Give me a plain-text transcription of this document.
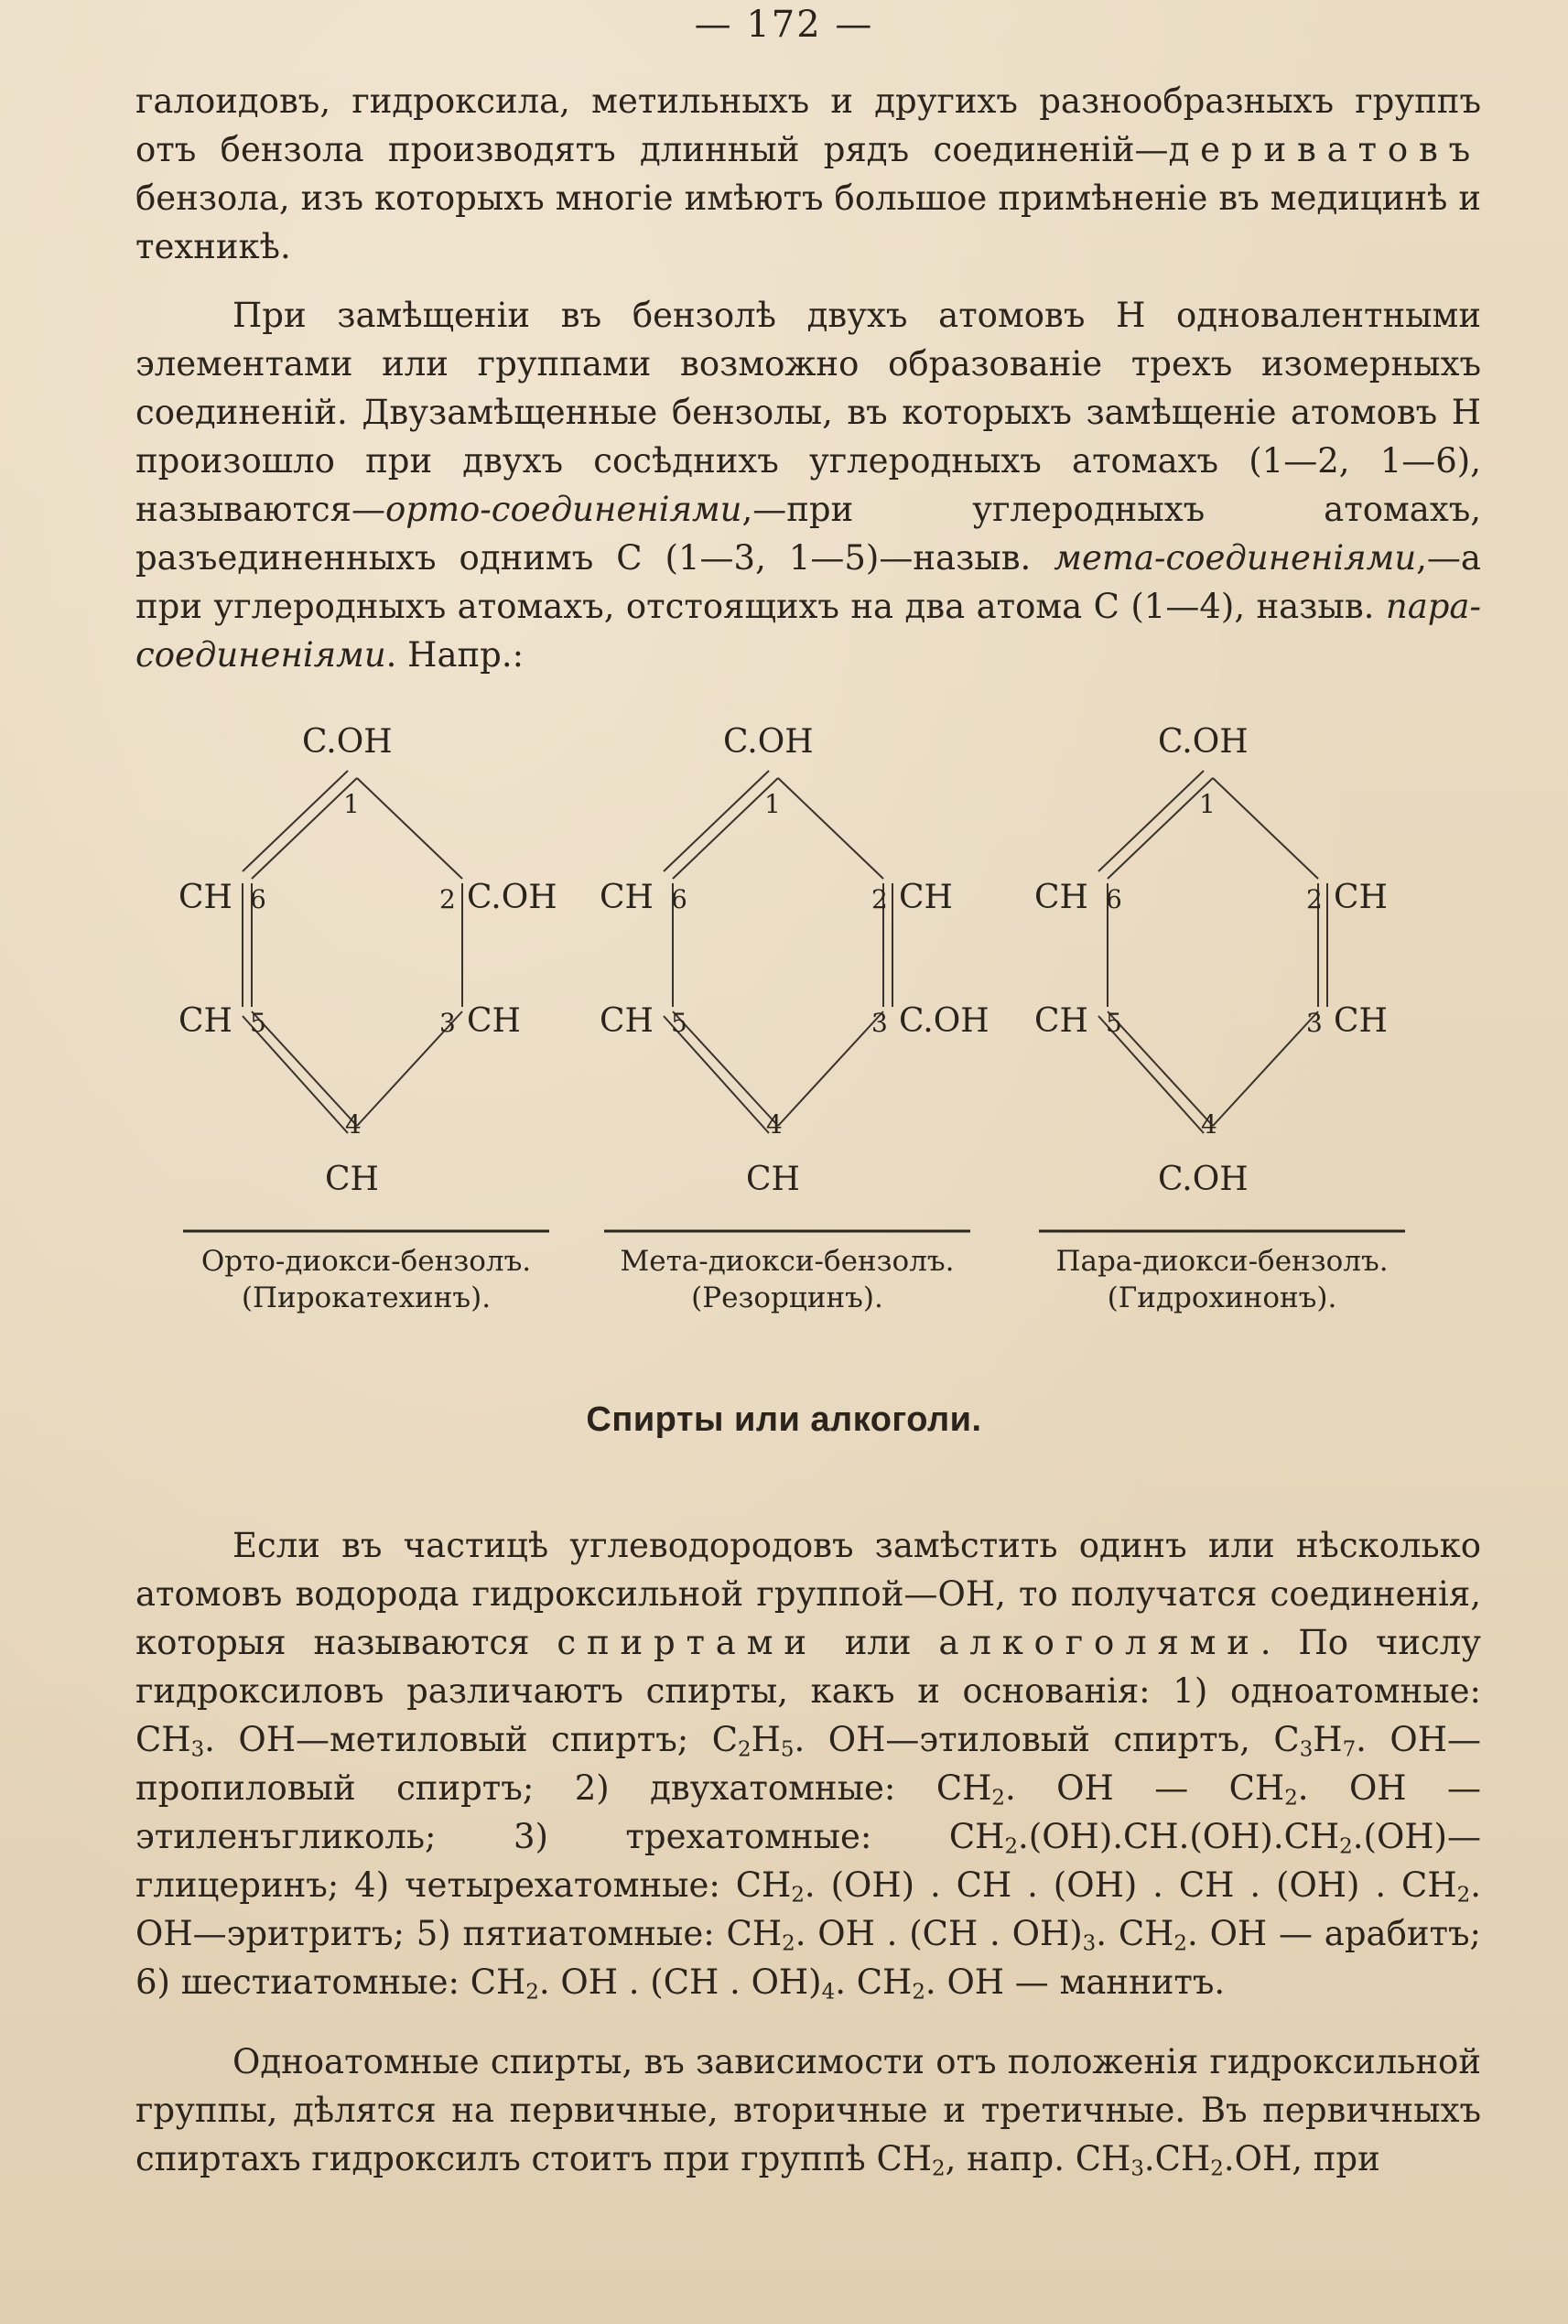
— 172 —

галоидовъ, гидроксила, метильныхъ и другихъ разнообразныхъ группъ отъ бензола производятъ длинный рядъ соединенiй—дериватовъ бензола, изъ которыхъ многiе имѣютъ большое примѣненiе въ медицинѣ и техникѣ.

При замѣщенiи въ бензолѣ двухъ атомовъ H одновалентными элементами или группами возможно образованiе трехъ изомерныхъ соединенiй. Двузамѣщенные бензолы, въ которыхъ замѣщенiе атомовъ H произошло при двухъ сосѣднихъ углеродныхъ атомахъ (1—2, 1—6), называются—орто-соединенiями,—при углеродныхъ атомахъ, разъединенныхъ однимъ C (1—3, 1—5)—назыв. мета-соединенiями,—а при углеродныхъ атомахъ, отстоящихъ на два атома C (1—4), назыв. пара-соединенiями. Напр.:

C.OH
1
CH 6	C.OH
2
CH 5	CH
3
4
CH
Орто-диокси-бензолъ.
(Пирокатехинъ).
C.OH
1
CH 6	CH
2
CH 5	C.OH
3
4
CH
Мета-диокси-бензолъ.
(Резорцинъ).
C.OH
1
CH 6	CH
2
CH 5	CH
3
4
C.OH
Пара-диокси-бензолъ.
(Гидрохинонъ).
Спирты или алкоголи.

Если въ частицѣ углеводородовъ замѣстить одинъ или нѣсколько атомовъ водорода гидроксильной группой—OH, то получатся соединенiя, которыя называются спиртами или алкоголями. По числу гидроксиловъ различаютъ спирты, какъ и основанiя: 1) одноатомные: $CH_3$. OH—метиловый спиртъ; $C_2H_5$. OH—этиловый спиртъ, $C_3H_7$. OH—пропиловый спиртъ; 2) двухатомные: $CH_2$. OH — $CH_2$. OH — этиленъгликоль; 3) трехатомные: $CH_2.(OH).CH.(OH).CH_2.(OH)—глицеринъ$; 4) четырехатомные: $CH_2$. (OH) . CH . (OH) . CH . (OH) . $CH_2$. OH—эритритъ; 5) пятиатомные: $CH_2$. OH . (CH . $OH)_3$. $CH_2$. OH — арабитъ; 6) шестиатомные: $CH_2$. OH . (CH . $OH)_4$. $CH_2$. OH — маннитъ.

Одноатомные спирты, въ зависимости отъ положенiя гидроксильной группы, дѣлятся на первичные, вторичные и третичные. Въ первичныхъ спиртахъ гидроксилъ стоитъ при группѣ $CH_2$, напр. $CH_3.CH_2.OH$, при
